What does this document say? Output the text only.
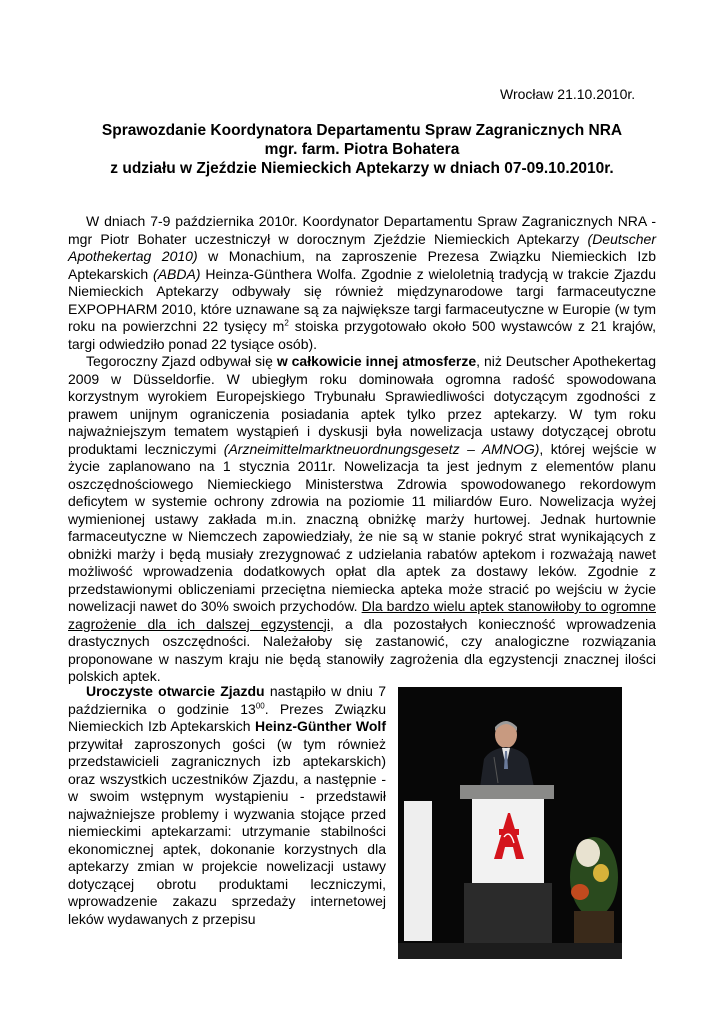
Wrocław 21.10.2010r.
Sprawozdanie Koordynatora Departamentu Spraw Zagranicznych NRA
mgr. farm. Piotra Bohatera
z udziału w Zjeździe Niemieckich Aptekarzy w dniach 07-09.10.2010r.

W dniach 7-9 października 2010r. Koordynator Departamentu Spraw Zagranicznych NRA - mgr Piotr Bohater uczestniczył w dorocznym Zjeździe Niemieckich Aptekarzy (Deutscher Apothekertag 2010) w Monachium, na zaproszenie Prezesa Związku Niemieckich Izb Aptekarskich (ABDA) Heinza-Günthera Wolfa. Zgodnie z wieloletnią tradycją w trakcie Zjazdu Niemieckich Aptekarzy odbywały się również międzynarodowe targi farmaceutyczne EXPOPHARM 2010, które uznawane są za największe targi farmaceutyczne w Europie (w tym roku na powierzchni 22 tysięcy $m^2$ stoiska przygotowało około 500 wystawców z 21 krajów, targi odwiedziło ponad 22 tysiące osób).

Tegoroczny Zjazd odbywał się w całkowicie innej atmosferze, niż Deutscher Apothekertag 2009 w Düsseldorfie. W ubiegłym roku dominowała ogromna radość spowodowana korzystnym wyrokiem Europejskiego Trybunału Sprawiedliwości dotyczącym zgodności z prawem unijnym ograniczenia posiadania aptek tylko przez aptekarzy. W tym roku najważniejszym tematem wystąpień i dyskusji była nowelizacja ustawy dotyczącej obrotu produktami leczniczymi (Arzneimittelmarktneuordnungsgesetz – AMNOG), której wejście w życie zaplanowano na 1 stycznia 2011r. Nowelizacja ta jest jednym z elementów planu oszczędnościowego Niemieckiego Ministerstwa Zdrowia spowodowanego rekordowym deficytem w systemie ochrony zdrowia na poziomie 11 miliardów Euro. Nowelizacja wyżej wymienionej ustawy zakłada m.in. znaczną obniżkę marży hurtowej. Jednak hurtownie farmaceutyczne w Niemczech zapowiedziały, że nie są w stanie pokryć strat wynikających z obniżki marży i będą musiały zrezygnować z udzielania rabatów aptekom i rozważają nawet możliwość wprowadzenia dodatkowych opłat dla aptek za dostawy leków. Zgodnie z przedstawionymi obliczeniami przeciętna niemiecka apteka może stracić po wejściu w życie nowelizacji nawet do 30% swoich przychodów. Dla bardzo wielu aptek stanowiłoby to ogromne zagrożenie dla ich dalszej egzystencji, a dla pozostałych konieczność wprowadzenia drastycznych oszczędności. Należałoby się zastanowić, czy analogiczne rozwiązania proponowane w naszym kraju nie będą stanowiły zagrożenia dla egzystencji znacznej ilości polskich aptek.

Uroczyste otwarcie Zjazdu nastąpiło w dniu 7 października o godzinie $13^{00}$. Prezes Związku Niemieckich Izb Aptekarskich Heinz-Günther Wolf przywitał zaproszonych gości (w tym również przedstawicieli zagranicznych izb aptekarskich) oraz wszystkich uczestników Zjazdu, a następnie - w swoim wstępnym wystąpieniu - przedstawił najważniejsze problemy i wyzwania stojące przed niemieckimi aptekarzami: utrzymanie stabilności ekonomicznej aptek, dokonanie korzystnych dla aptekarzy zmian w projekcie nowelizacji ustawy dotyczącej obrotu produktami leczniczymi, wprowadzenie zakazu sprzedaży internetowej leków wydawanych z przepisu
